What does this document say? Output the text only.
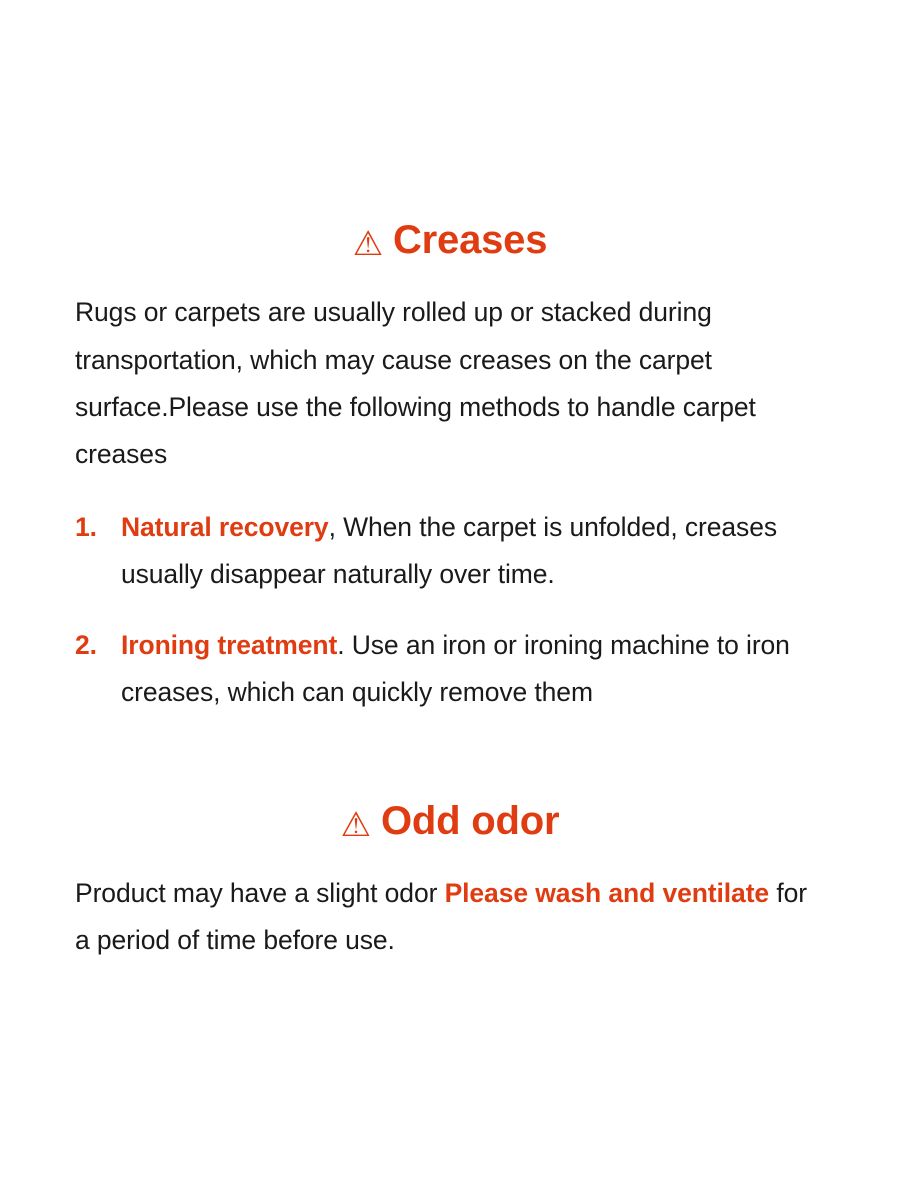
⚠ Creases

Rugs or carpets are usually rolled up or stacked during transportation, which may cause creases on the carpet surface.Please use the following methods to handle carpet creases

1. Natural recovery, When the carpet is unfolded, creases usually disappear naturally over time.
2. Ironing treatment. Use an iron or ironing machine to iron creases, which can quickly remove them
⚠ Odd odor

Product may have a slight odor Please wash and ventilate for a period of time before use.
